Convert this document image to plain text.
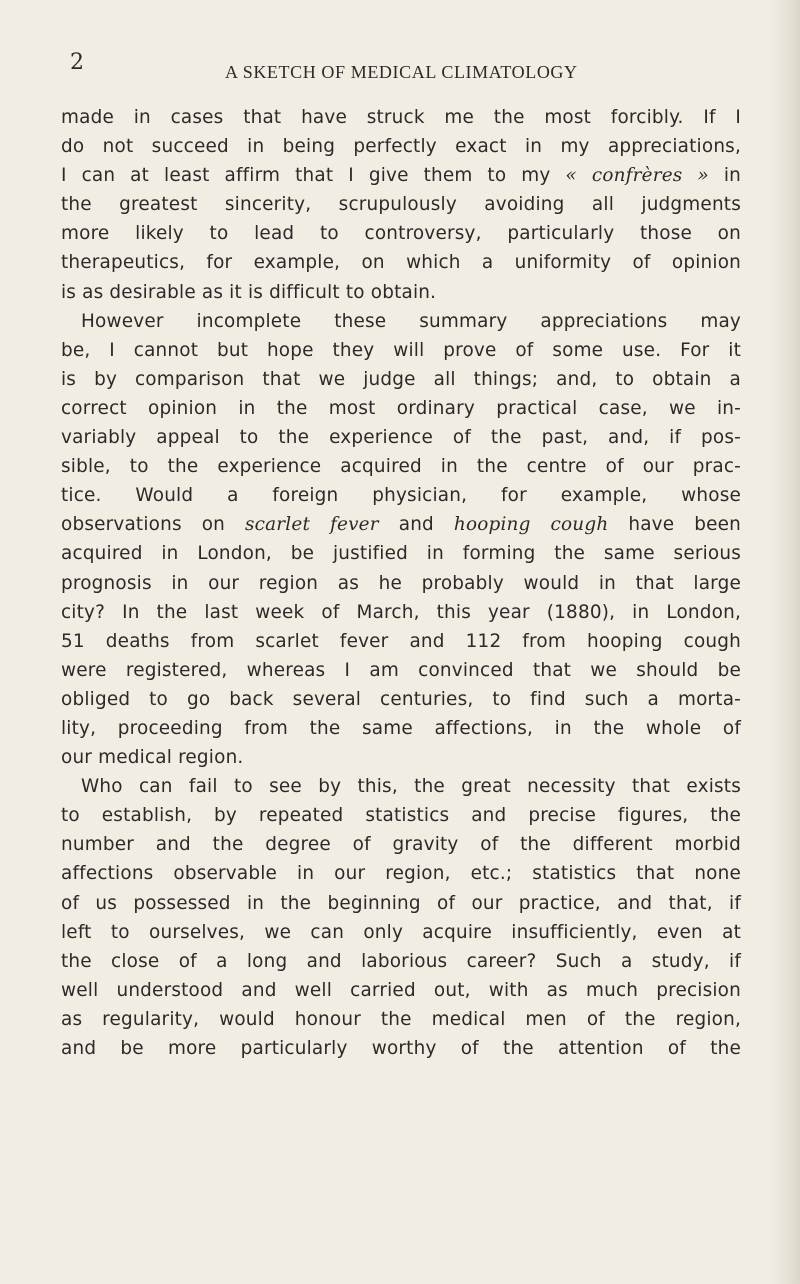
2	A SKETCH OF MEDICAL CLIMATOLOGY
made in cases that have struck me the most forcibly. If I
do not succeed in being perfectly exact in my appreciations,
I can at least affirm that I give them to my « confrères » in
the greatest sincerity, scrupulously avoiding all judgments
more likely to lead to controversy, particularly those on
therapeutics, for example, on which a uniformity of opinion
is as desirable as it is difficult to obtain.
However incomplete these summary appreciations may
be, I cannot but hope they will prove of some use. For it
is by comparison that we judge all things; and, to obtain a
correct opinion in the most ordinary practical case, we in-
variably appeal to the experience of the past, and, if pos-
sible, to the experience acquired in the centre of our prac-
tice. Would a foreign physician, for example, whose
observations on scarlet fever and hooping cough have been
acquired in London, be justified in forming the same serious
prognosis in our region as he probably would in that large
city? In the last week of March, this year (1880), in London,
51 deaths from scarlet fever and 112 from hooping cough
were registered, whereas I am convinced that we should be
obliged to go back several centuries, to find such a morta-
lity, proceeding from the same affections, in the whole of
our medical region.
Who can fail to see by this, the great necessity that exists
to establish, by repeated statistics and precise figures, the
number and the degree of gravity of the different morbid
affections observable in our region, etc.; statistics that none
of us possessed in the beginning of our practice, and that, if
left to ourselves, we can only acquire insufficiently, even at
the close of a long and laborious career? Such a study, if
well understood and well carried out, with as much precision
as regularity, would honour the medical men of the region,
and be more particularly worthy of the attention of the
